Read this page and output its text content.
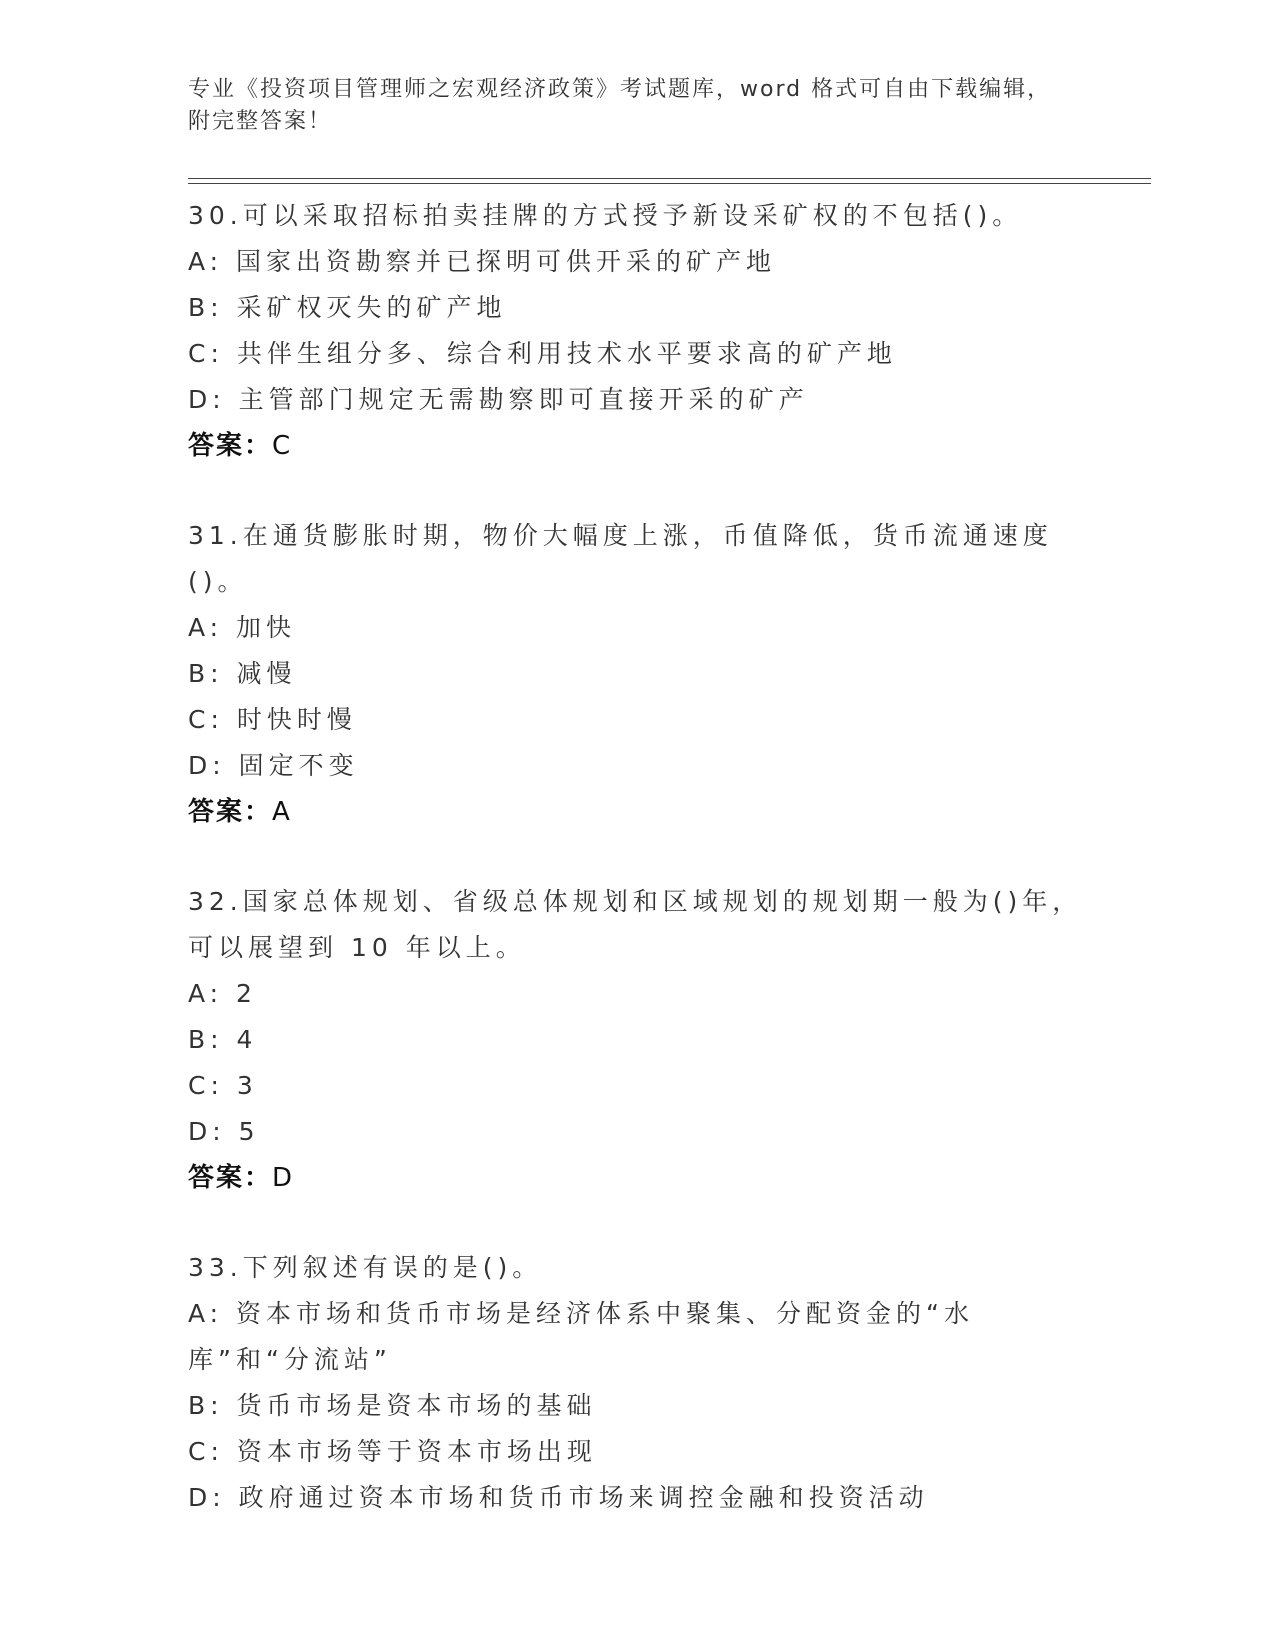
专业《投资项目管理师之宏观经济政策》考试题库，word 格式可自由下载编辑，
附完整答案！
30.可以采取招标拍卖挂牌的方式授予新设采矿权的不包括()。
A: 国家出资勘察并已探明可供开采的矿产地
B: 采矿权灭失的矿产地
C: 共伴生组分多、综合利用技术水平要求高的矿产地
D: 主管部门规定无需勘察即可直接开采的矿产
答案：C
31.在通货膨胀时期，物价大幅度上涨，币值降低，货币流通速度()。
A: 加快
B: 减慢
C: 时快时慢
D: 固定不变
答案：A
32.国家总体规划、省级总体规划和区域规划的规划期一般为()年，可以展望到 10 年以上。
A: 2
B: 4
C: 3
D: 5
答案：D
33.下列叙述有误的是()。
A: 资本市场和货币市场是经济体系中聚集、分配资金的“水库”和“分流站”
B: 货币市场是资本市场的基础
C: 资本市场等于资本市场出现
D: 政府通过资本市场和货币市场来调控金融和投资活动
